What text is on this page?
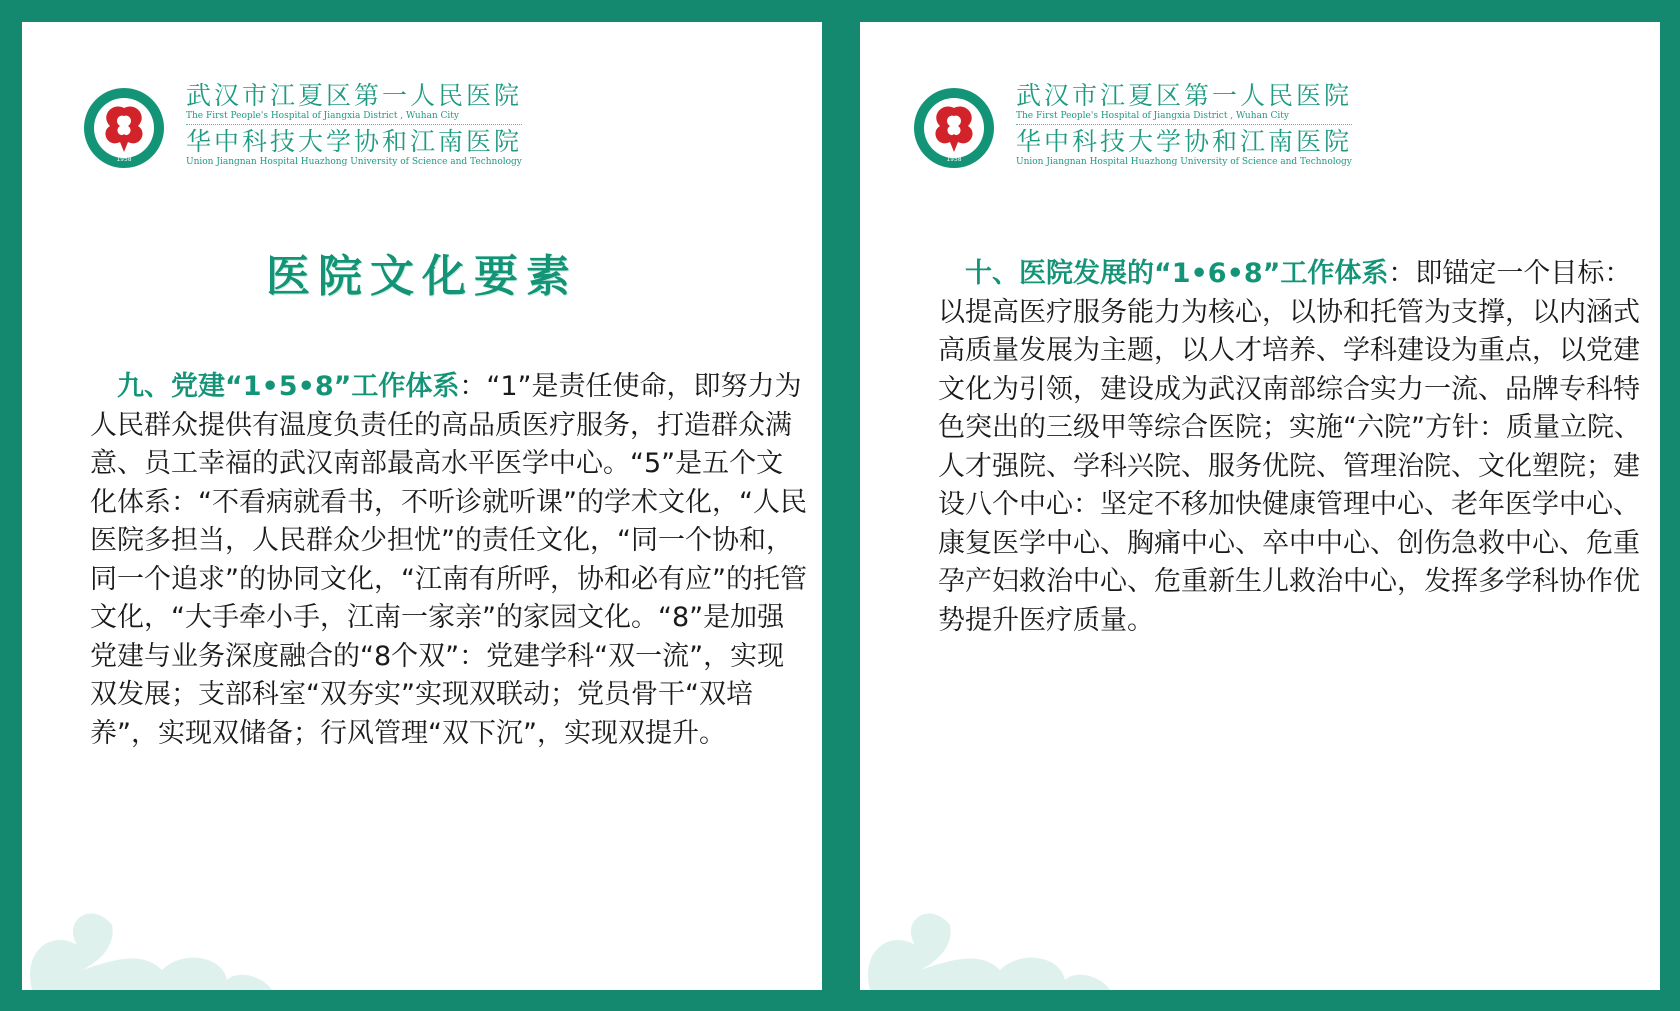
1958
武汉市江夏区第一人民医院
The First People's Hospital of Jiangxia District , Wuhan City
华中科技大学协和江南医院
Union Jiangnan Hospital Huazhong University of Science and Technology
医院文化要素
　九、党建“1•5•8”工作体系：“1”是责任使命，即努力为人民群众提供有温度负责任的高品质医疗服务，打造群众满意、员工幸福的武汉南部最高水平医学中心。“5”是五个文化体系：“不看病就看书，不听诊就听课”的学术文化，“人民医院多担当，人民群众少担忧”的责任文化，“同一个协和，同一个追求”的协同文化，“江南有所呼，协和必有应”的托管文化，“大手牵小手，江南一家亲”的家园文化。“8”是加强党建与业务深度融合的“8个双”：党建学科“双一流”，实现双发展；支部科室“双夯实”实现双联动；党员骨干“双培养”，实现双储备；行风管理“双下沉”，实现双提升。
1958
武汉市江夏区第一人民医院
The First People's Hospital of Jiangxia District , Wuhan City
华中科技大学协和江南医院
Union Jiangnan Hospital Huazhong University of Science and Technology
　十、医院发展的“1•6•8”工作体系：即锚定一个目标：以提高医疗服务能力为核心，以协和托管为支撑，以内涵式高质量发展为主题，以人才培养、学科建设为重点，以党建文化为引领，建设成为武汉南部综合实力一流、品牌专科特色突出的三级甲等综合医院；实施“六院”方针：质量立院、人才强院、学科兴院、服务优院、管理治院、文化塑院；建设八个中心：坚定不移加快健康管理中心、老年医学中心、康复医学中心、胸痛中心、卒中中心、创伤急救中心、危重孕产妇救治中心、危重新生儿救治中心，发挥多学科协作优势提升医疗质量。
